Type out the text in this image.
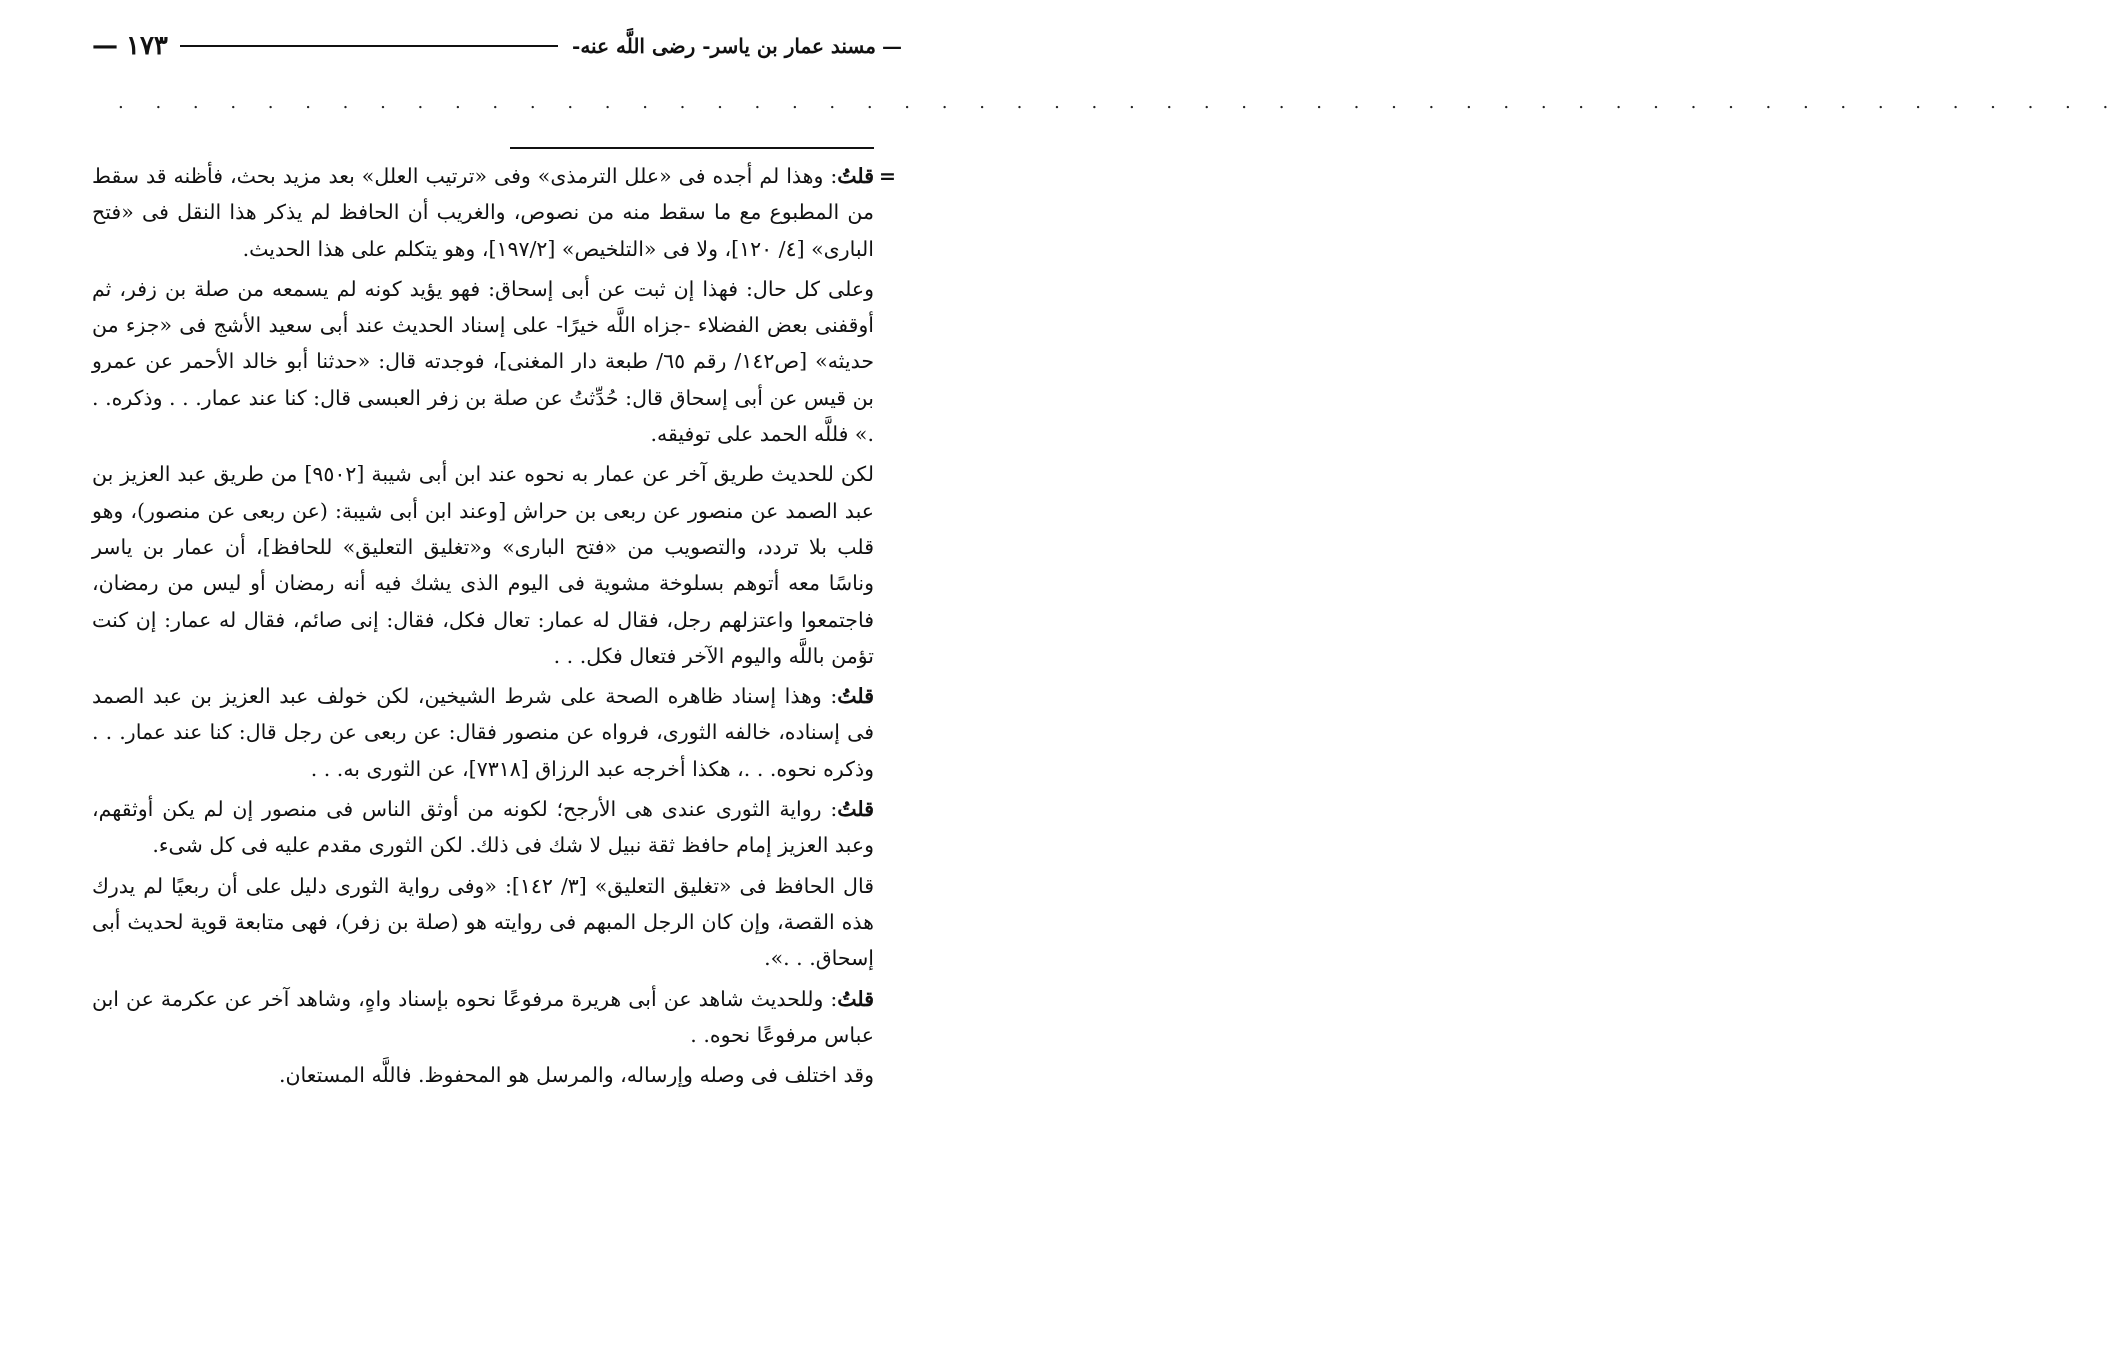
—مسند عمار بن ياسر- رضى اللَّه عنه-
١٧٣—
. . . . . . . . . . . . . . . . . . . . . . . . . . . . . . . . . . . . . . . . . . . . . . . . . . . . . .

=
قلتُ: وهذا لم أجده فى «علل الترمذى» وفى «ترتيب العلل» بعد مزيد بحث، فأظنه قد سقط من المطبوع مع ما سقط منه من نصوص، والغريب أن الحافظ لم يذكر هذا النقل فى «فتح البارى» [٤/ ١٢٠]، ولا فى «التلخيص» [١٩٧/٢]، وهو يتكلم على هذا الحديث.

وعلى كل حال: فهذا إن ثبت عن أبى إسحاق: فهو يؤيد كونه لم يسمعه من صلة بن زفر، ثم أوقفنى بعض الفضلاء -جزاه اللَّه خيرًا- على إسناد الحديث عند أبى سعيد الأشج فى «جزء من حديثه» [ص١٤٢/ رقم ٦٥/ طبعة دار المغنى]، فوجدته قال: «حدثنا أبو خالد الأحمر عن عمرو بن قيس عن أبى إسحاق قال: حُدِّثتُ عن صلة بن زفر العبسى قال: كنا عند عمار. . . وذكره. . .» فللَّه الحمد على توفيقه.

لكن للحديث طريق آخر عن عمار به نحوه عند ابن أبى شيبة [٩٥٠٢] من طريق عبد العزيز بن عبد الصمد عن منصور عن ربعى بن حراش [وعند ابن أبى شيبة: (عن ربعى عن منصور)، وهو قلب بلا تردد، والتصويب من «فتح البارى» و«تغليق التعليق» للحافظ]، أن عمار بن ياسر وناسًا معه أتوهم بسلوخة مشوية فى اليوم الذى يشك فيه أنه رمضان أو ليس من رمضان، فاجتمعوا واعتزلهم رجل، فقال له عمار: تعال فكل، فقال: إنى صائم، فقال له عمار: إن كنت تؤمن باللَّه واليوم الآخر فتعال فكل. . .

قلتُ: وهذا إسناد ظاهره الصحة على شرط الشيخين، لكن خولف عبد العزيز بن عبد الصمد فى إسناده، خالفه الثورى، فرواه عن منصور فقال: عن ربعى عن رجل قال: كنا عند عمار. . . وذكره نحوه. . .، هكذا أخرجه عبد الرزاق [٧٣١٨]، عن الثورى به. . .

قلتُ: رواية الثورى عندى هى الأرجح؛ لكونه من أوثق الناس فى منصور إن لم يكن أوثقهم، وعبد العزيز إمام حافظ ثقة نبيل لا شك فى ذلك. لكن الثورى مقدم عليه فى كل شىء.

قال الحافظ فى «تغليق التعليق» [٣/ ١٤٢]: «وفى رواية الثورى دليل على أن ربعيًا لم يدرك هذه القصة، وإن كان الرجل المبهم فى روايته هو (صلة بن زفر)، فهى متابعة قوية لحديث أبى إسحاق. . .».

قلتُ: وللحديث شاهد عن أبى هريرة مرفوعًا نحوه بإسناد واهٍ، وشاهد آخر عن عكرمة عن ابن عباس مرفوعًا نحوه. .

وقد اختلف فى وصله وإرساله، والمرسل هو المحفوظ. فاللَّه المستعان.
